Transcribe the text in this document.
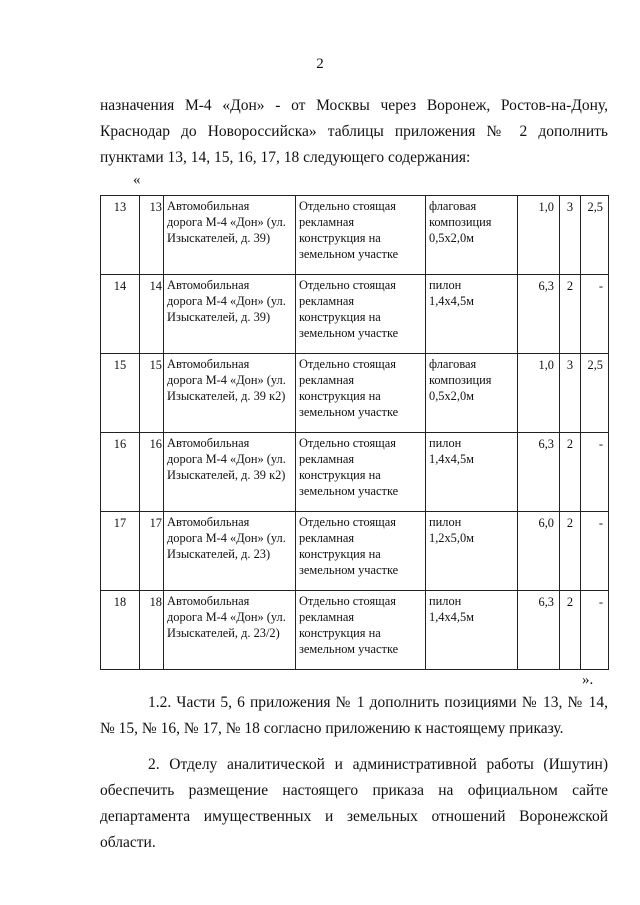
2
назначения М-4 «Дон» - от Москвы через Воронеж, Ростов-на-Дону,
Краснодар до Новороссийска» таблицы приложения № 2 дополнить
пунктами 13, 14, 15, 16, 17, 18 следующего содержания:
«
13	13	Автомобильная
дорога М-4 «Дон» (ул.
Изыскателей, д. 39)	Отдельно стоящая
рекламная
конструкция на
земельном участке	флаговая
композиция
0,5х2,0м	1,0	3	2,5
14	14	Автомобильная
дорога М-4 «Дон» (ул.
Изыскателей, д. 39)	Отдельно стоящая
рекламная
конструкция на
земельном участке	пилон
1,4х4,5м	6,3	2	-
15	15	Автомобильная
дорога М-4 «Дон» (ул.
Изыскателей, д. 39 к2)	Отдельно стоящая
рекламная
конструкция на
земельном участке	флаговая
композиция
0,5х2,0м	1,0	3	2,5
16	16	Автомобильная
дорога М-4 «Дон» (ул.
Изыскателей, д. 39 к2)	Отдельно стоящая
рекламная
конструкция на
земельном участке	пилон
1,4х4,5м	6,3	2	-
17	17	Автомобильная
дорога М-4 «Дон» (ул.
Изыскателей, д. 23)	Отдельно стоящая
рекламная
конструкция на
земельном участке	пилон
1,2х5,0м	6,0	2	-
18	18	Автомобильная
дорога М-4 «Дон» (ул.
Изыскателей, д. 23/2)	Отдельно стоящая
рекламная
конструкция на
земельном участке	пилон
1,4х4,5м	6,3	2	-
».
1.2. Части 5, 6 приложения № 1 дополнить позициями № 13, № 14,
№ 15, № 16, № 17, № 18 согласно приложению к настоящему приказу.
2. Отделу аналитической и административной работы (Ишутин)
обеспечить размещение настоящего приказа на официальном сайте
департамента имущественных и земельных отношений Воронежской
области.
